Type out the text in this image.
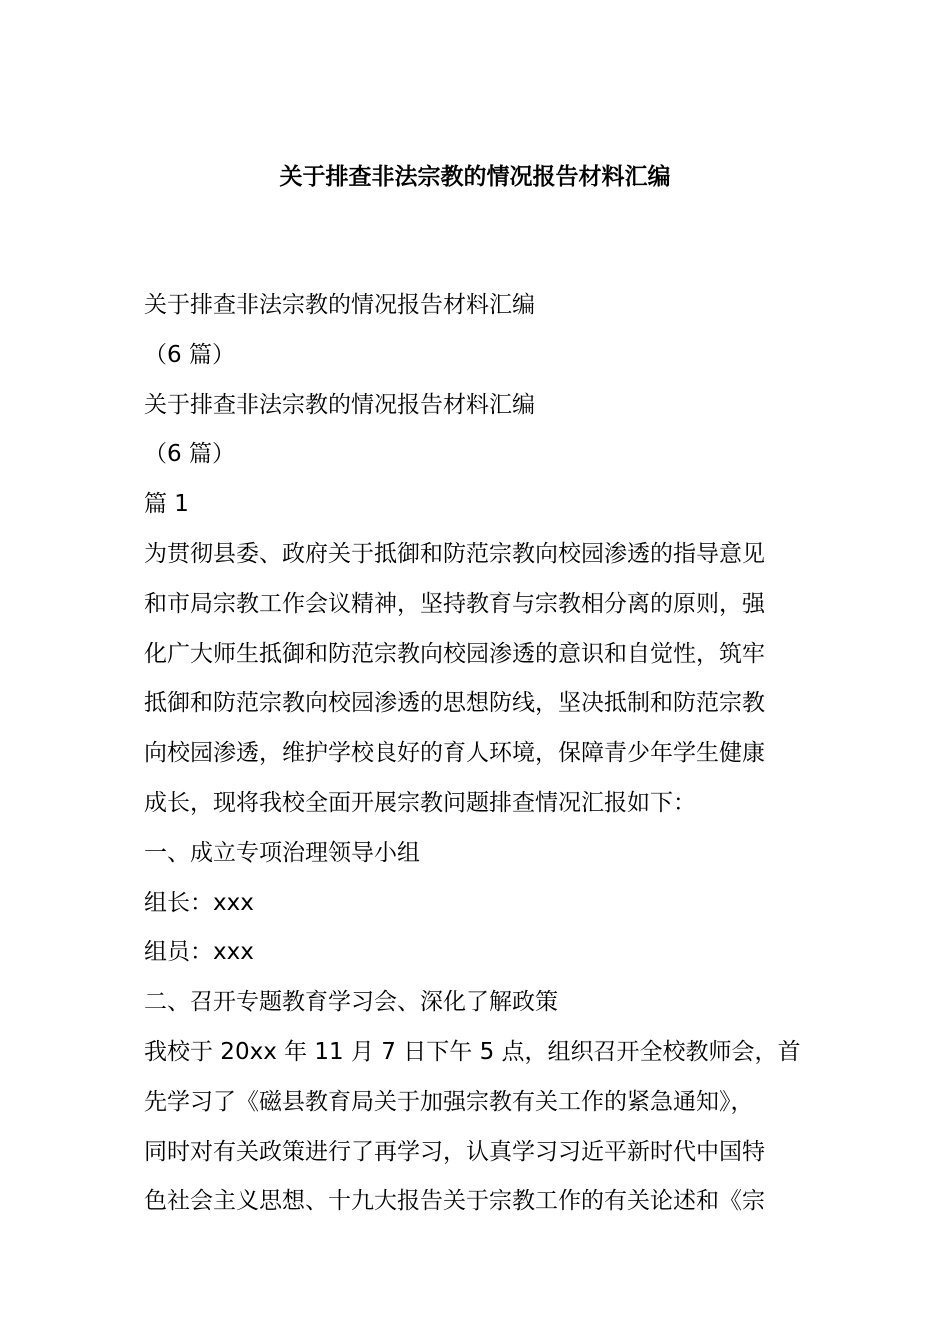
关于排查非法宗教的情况报告材料汇编

关于排查非法宗教的情况报告材料汇编

（6 篇）

关于排查非法宗教的情况报告材料汇编

（6 篇）

篇 1

为贯彻县委、政府关于抵御和防范宗教向校园渗透的指导意见

和市局宗教工作会议精神，坚持教育与宗教相分离的原则，强

化广大师生抵御和防范宗教向校园渗透的意识和自觉性，筑牢

抵御和防范宗教向校园渗透的思想防线，坚决抵制和防范宗教

向校园渗透，维护学校良好的育人环境，保障青少年学生健康

成长，现将我校全面开展宗教问题排查情况汇报如下：

一、成立专项治理领导小组

组长：xxx

组员：xxx

二、召开专题教育学习会、深化了解政策

我校于 20xx 年 11 月 7 日下午 5 点，组织召开全校教师会，首

先学习了《磁县教育局关于加强宗教有关工作的紧急通知》，

同时对有关政策进行了再学习，认真学习习近平新时代中国特

色社会主义思想、十九大报告关于宗教工作的有关论述和《宗
